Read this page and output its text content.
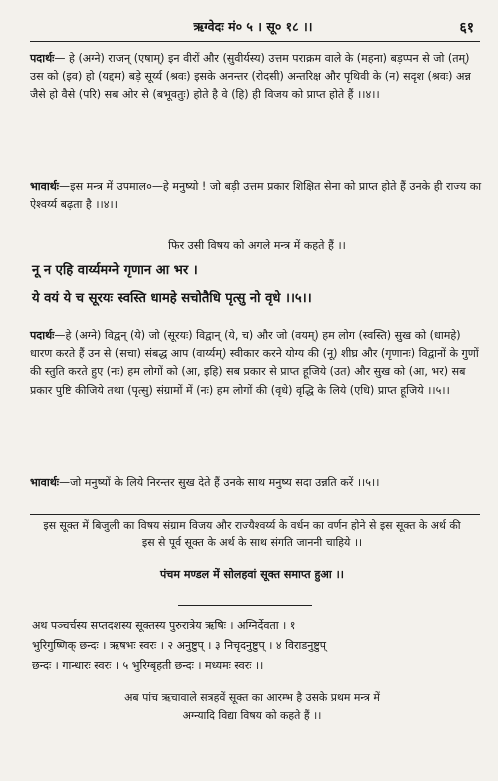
ऋग्वेदः मं० ५ । सू० १८ ।।	६१
पदार्थः— हे (अग्ने) राजन् (एषाम्) इन वीरों और (सुवीर्यस्य) उत्तम पराक्रम वाले के (महना) बड़प्पन से जो (तम्) उस को (इव) हो (यद्दम) बड़े सूर्य्य (श्रवः) इसके अनन्तर (रोदसी) अन्तरिक्ष और पृथिवी के (न) सदृश (श्रवः) अन्न जैसे हो वैसे (परि) सब ओर से (बभूवतुः) होते है वे (हि) ही विजय को प्राप्त होते हैं ।।४।।
भावार्थः—इस मन्त्र में उपमाल०—हे मनुष्यो ! जो बड़ी उत्तम प्रकार शिक्षित सेना को प्राप्त होते हैं उनके ही राज्य का ऐश्वर्य्य बढ़ता है ।।४।।
फिर उसी विषय को अगले मन्त्र में कहते हैं ।।
नू न एहि वार्य्यमग्ने गृणान आ भर ।
ये वयं ये च सूरयः स्वस्ति धामहे सचोतैधि पृत्सु नो वृधे ।।५।।
पदार्थः—हे (अग्ने) विद्वन् (ये) जो (सूरयः) विद्वान् (ये, च) और जो (वयम्) हम लोग (स्वस्ति) सुख को (धामहे) धारण करते हैं उन से (सचा) संबद्ध आप (वार्य्यम्) स्वीकार करने योग्य की (नू) शीघ्र और (गृणानः) विद्वानों के गुणों की स्तुति करते हुए (नः) हम लोगों को (आ, इहि) सब प्रकार से प्राप्त हूजिये (उत) और सुख को (आ, भर) सब प्रकार पुष्टि कीजिये तथा (पृत्सु) संग्रामों में (नः) हम लोगों की (वृधे) वृद्धि के लिये (एधि) प्राप्त हूजिये ।।५।।
भावार्थः—जो मनुष्यों के लिये निरन्तर सुख देते हैं उनके साथ मनुष्य सदा उन्नति करें ।।५।।
इस सूक्त में बिजुली का विषय संग्राम विजय और राज्यैश्वर्य्य के वर्धन का वर्णन होने से इस सूक्त के अर्थ की इस से पूर्व सूक्त के अर्थ के साथ संगति जाननी चाहिये ।।
पंचम मण्डल में सोलहवां सूक्त समाप्त हुआ ।।
अथ पञ्चर्चस्य सप्तदशस्य सूक्तस्य पुरुरात्रेय ऋषिः । अग्निर्देवता । १
भुरिगुष्णिक् छन्दः । ऋषभः स्वरः । २ अनुष्टुप् । ३ निचृदनुष्टुप् । ४ विराडनुष्टुप्
छन्दः । गान्धारः स्वरः । ५ भुरिग्बृहती छन्दः । मध्यमः स्वरः ।।
अब पांच ऋचावाले सत्रहवें सूक्त का आरम्भ है उसके प्रथम मन्त्र में
अग्न्यादि विद्या विषय को कहते हैं ।।
